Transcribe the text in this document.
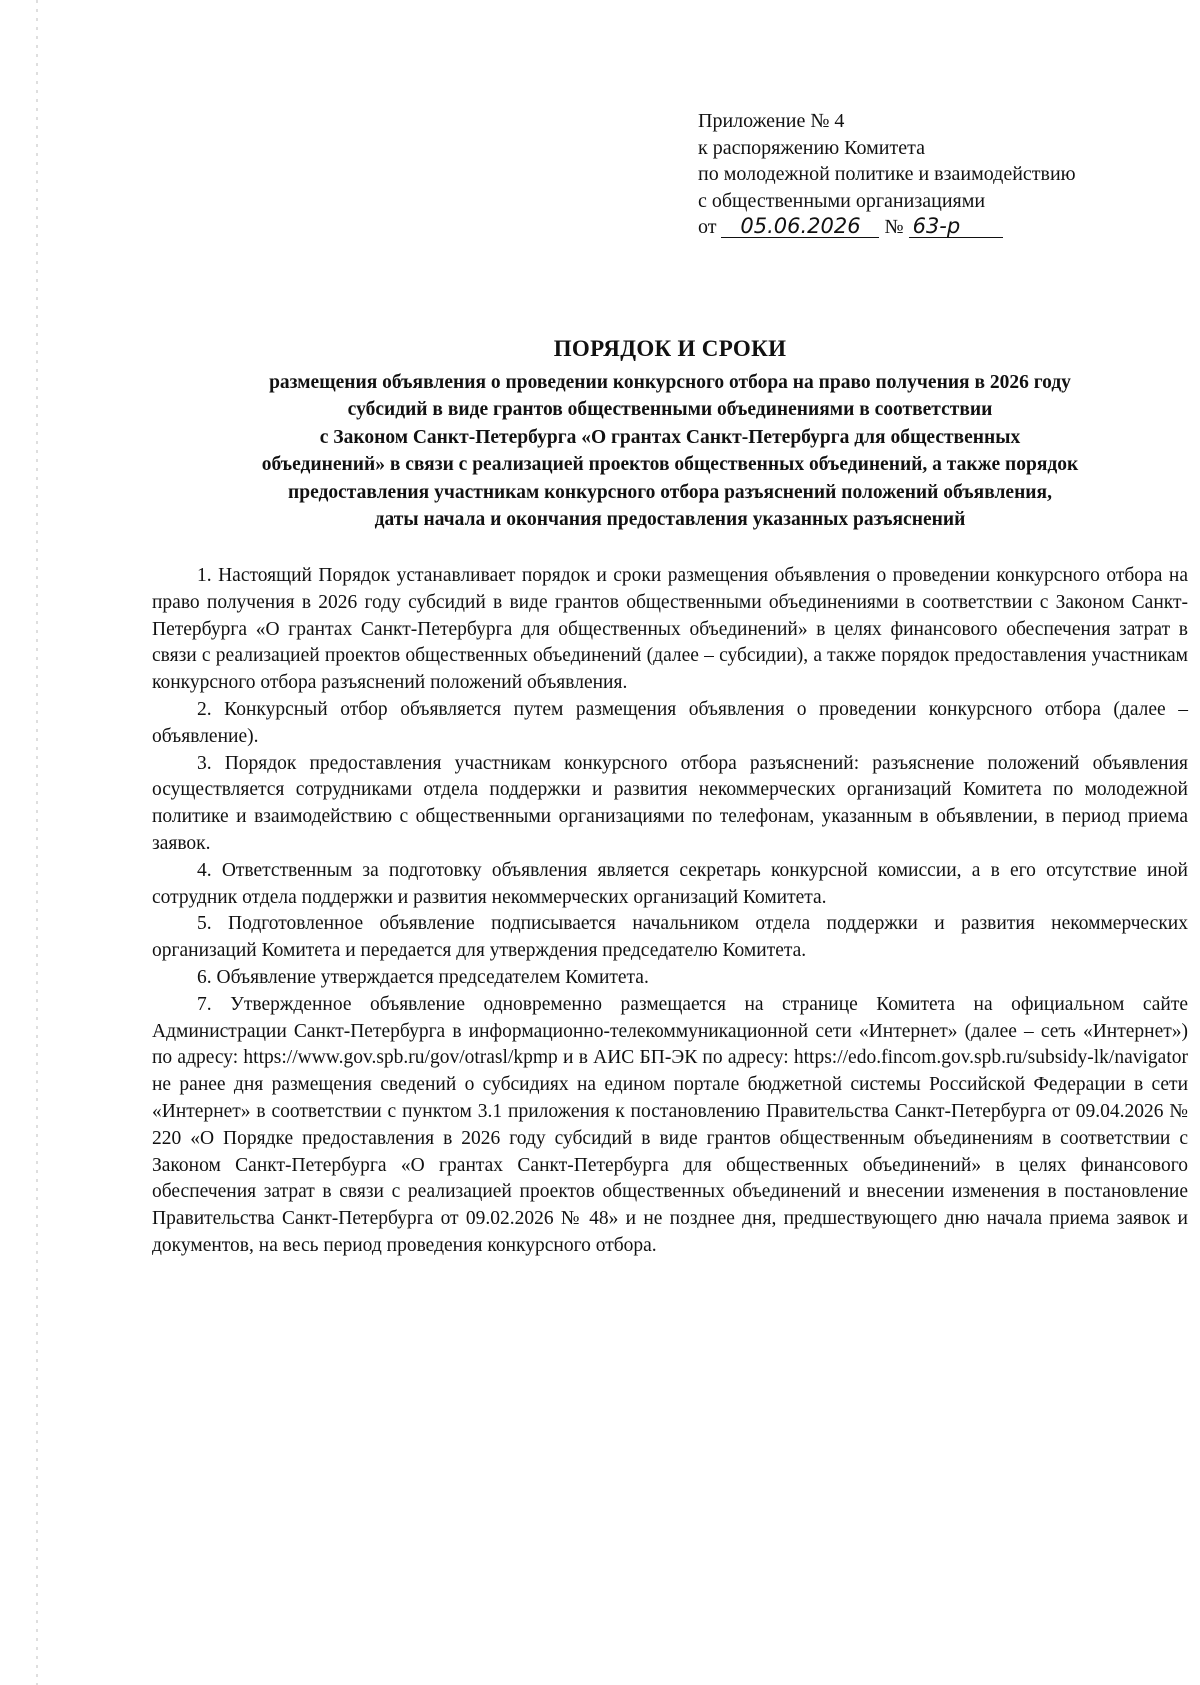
Приложение № 4
к распоряжению Комитета
по молодежной политике и взаимодействию
с общественными организациями
от 05.06.2026 № 63-р
ПОРЯДОК И СРОКИ
размещения объявления о проведении конкурсного отбора на право получения в 2026 году
субсидий в виде грантов общественными объединениями в соответствии
с Законом Санкт-Петербурга «О грантах Санкт-Петербурга для общественных
объединений» в связи с реализацией проектов общественных объединений, а также порядок
предоставления участникам конкурсного отбора разъяснений положений объявления,
даты начала и окончания предоставления указанных разъяснений

1. Настоящий Порядок устанавливает порядок и сроки размещения объявления о проведении конкурсного отбора на право получения в 2026 году субсидий в виде грантов общественными объединениями в соответствии с Законом Санкт-Петербурга «О грантах Санкт-Петербурга для общественных объединений» в целях финансового обеспечения затрат в связи с реализацией проектов общественных объединений (далее – субсидии), а также порядок предоставления участникам конкурсного отбора разъяснений положений объявления.

2. Конкурсный отбор объявляется путем размещения объявления о проведении конкурсного отбора (далее – объявление).

3. Порядок предоставления участникам конкурсного отбора разъяснений: разъяснение положений объявления осуществляется сотрудниками отдела поддержки и развития некоммерческих организаций Комитета по молодежной политике и взаимодействию с общественными организациями по телефонам, указанным в объявлении, в период приема заявок.

4. Ответственным за подготовку объявления является секретарь конкурсной комиссии, а в его отсутствие иной сотрудник отдела поддержки и развития некоммерческих организаций Комитета.

5. Подготовленное объявление подписывается начальником отдела поддержки и развития некоммерческих организаций Комитета и передается для утверждения председателю Комитета.

6. Объявление утверждается председателем Комитета.

7. Утвержденное объявление одновременно размещается на странице Комитета на официальном сайте Администрации Санкт-Петербурга в информационно-телекоммуникационной сети «Интернет» (далее – сеть «Интернет») по адресу: https://www.gov.spb.ru/gov/otrasl/kpmp и в АИС БП-ЭК по адресу: https://edo.fincom.gov.spb.ru/subsidy-lk/navigator не ранее дня размещения сведений о субсидиях на едином портале бюджетной системы Российской Федерации в сети «Интернет» в соответствии с пунктом 3.1 приложения к постановлению Правительства Санкт-Петербурга от 09.04.2026 № 220 «О Порядке предоставления в 2026 году субсидий в виде грантов общественным объединениям в соответствии с Законом Санкт-Петербурга «О грантах Санкт-Петербурга для общественных объединений» в целях финансового обеспечения затрат в связи с реализацией проектов общественных объединений и внесении изменения в постановление Правительства Санкт-Петербурга от 09.02.2026 № 48» и не позднее дня, предшествующего дню начала приема заявок и документов, на весь период проведения конкурсного отбора.
